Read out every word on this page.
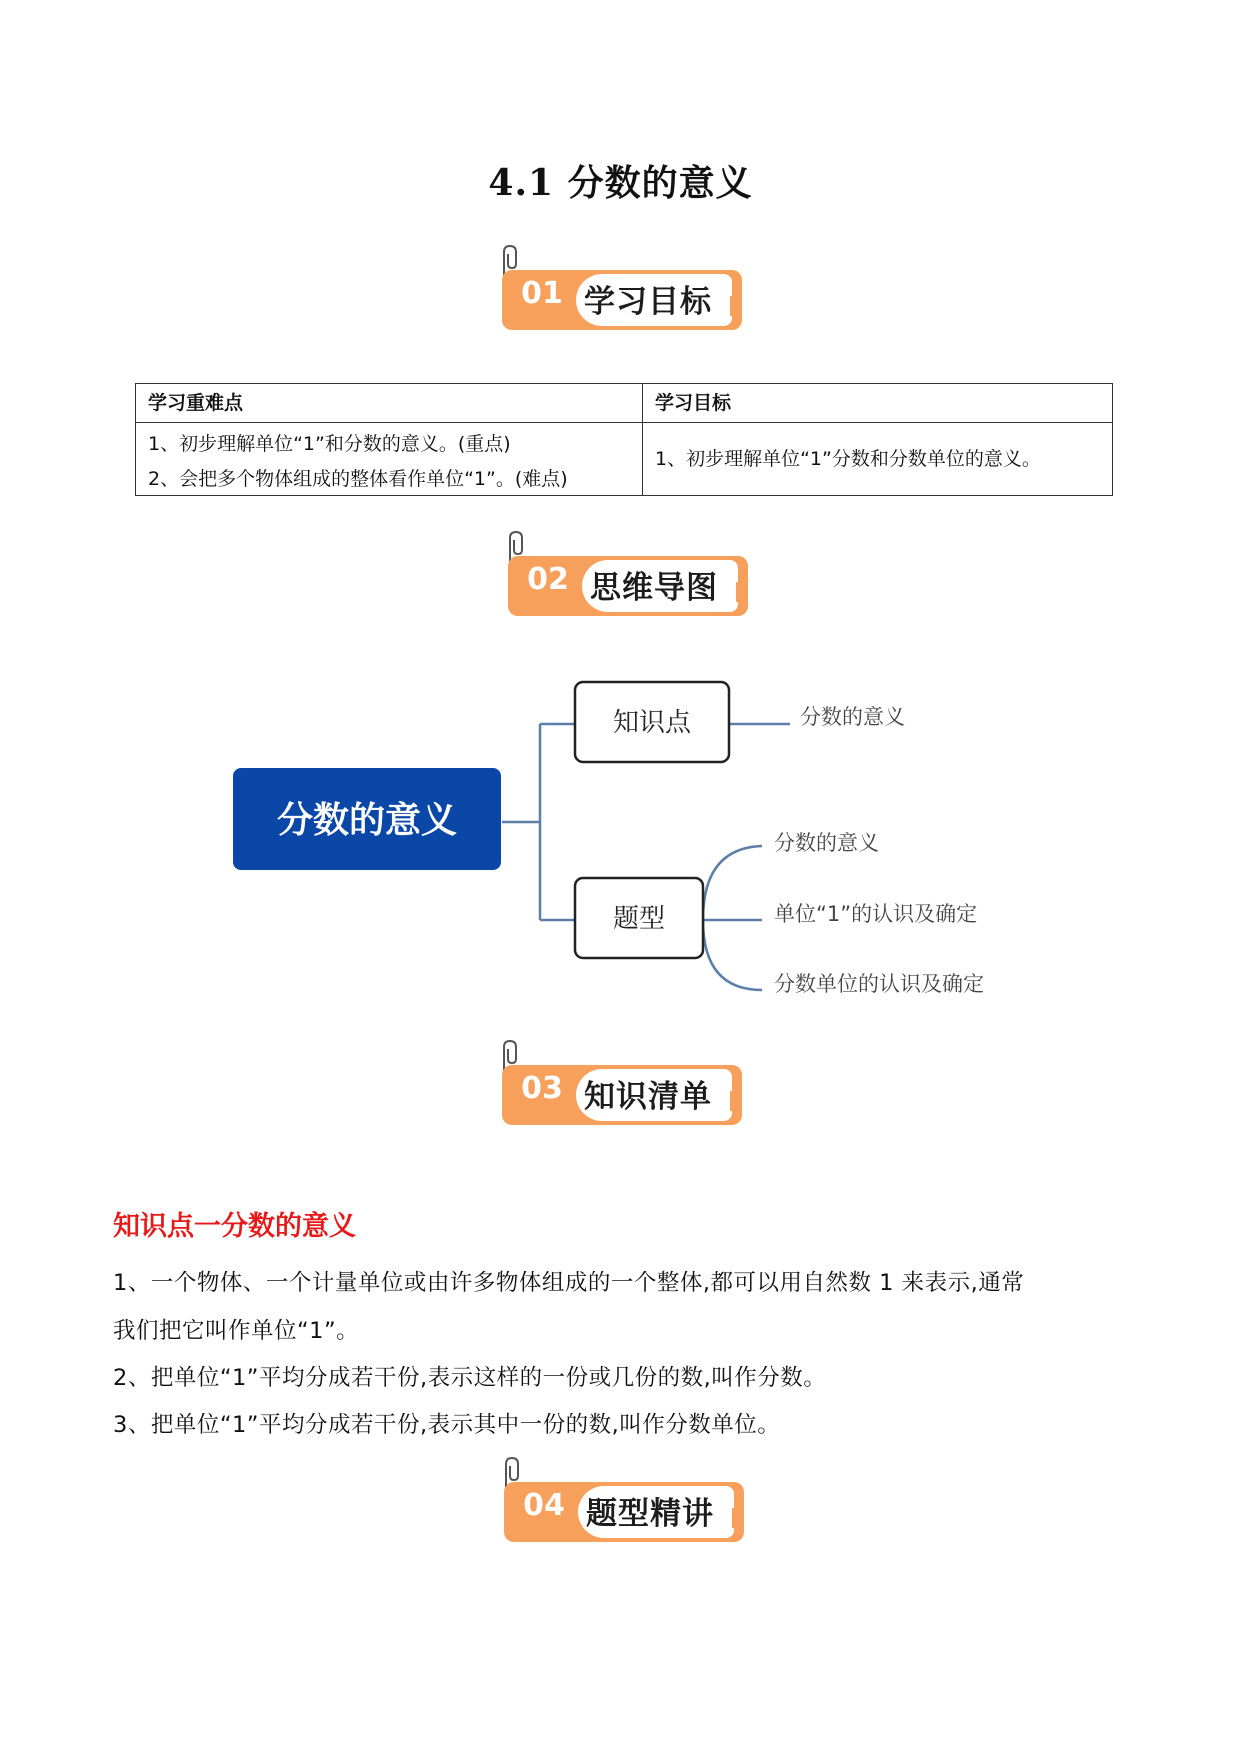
4.1 分数的意义
01 学习目标
学习重难点	学习目标

1、初步理解单位“1”和分数的意义。(重点)
2、会把多个物体组成的整体看作单位“1”。(难点)	1、初步理解单位“1”分数和分数单位的意义。
02 思维导图
分数的意义
知识点	分数的意义
题型
分数的意义
单位“1”的认识及确定
分数单位的认识及确定
03 知识清单
知识点一分数的意义
1、一个物体、一个计量单位或由许多物体组成的一个整体,都可以用自然数 1 来表示,通常
我们把它叫作单位“1”。
2、把单位“1”平均分成若干份,表示这样的一份或几份的数,叫作分数。
3、把单位“1”平均分成若干份,表示其中一份的数,叫作分数单位。
04 题型精讲
